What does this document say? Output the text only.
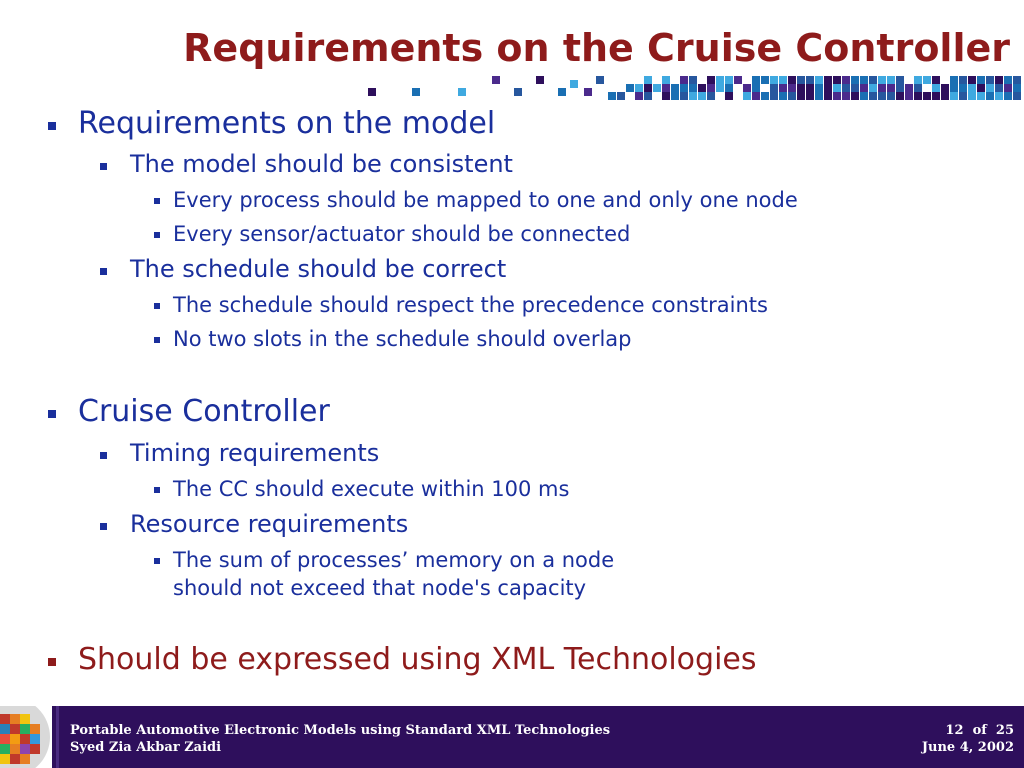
Requirements on the Cruise Controller
Requirements on the model
The model should be consistent
Every process should be mapped to one and only one node
Every sensor/actuator should be connected
The schedule should be correct
The schedule should respect the precedence constraints
No two slots in the schedule should overlap
Cruise Controller
Timing requirements
The CC should execute within 100 ms
Resource requirements
The sum of processes’ memory on a node
should not exceed that node's capacity
Should be expressed using XML Technologies
Portable Automotive Electronic Models using Standard XML Technologies
Syed Zia Akbar Zaidi
12 of 25
June 4, 2002
